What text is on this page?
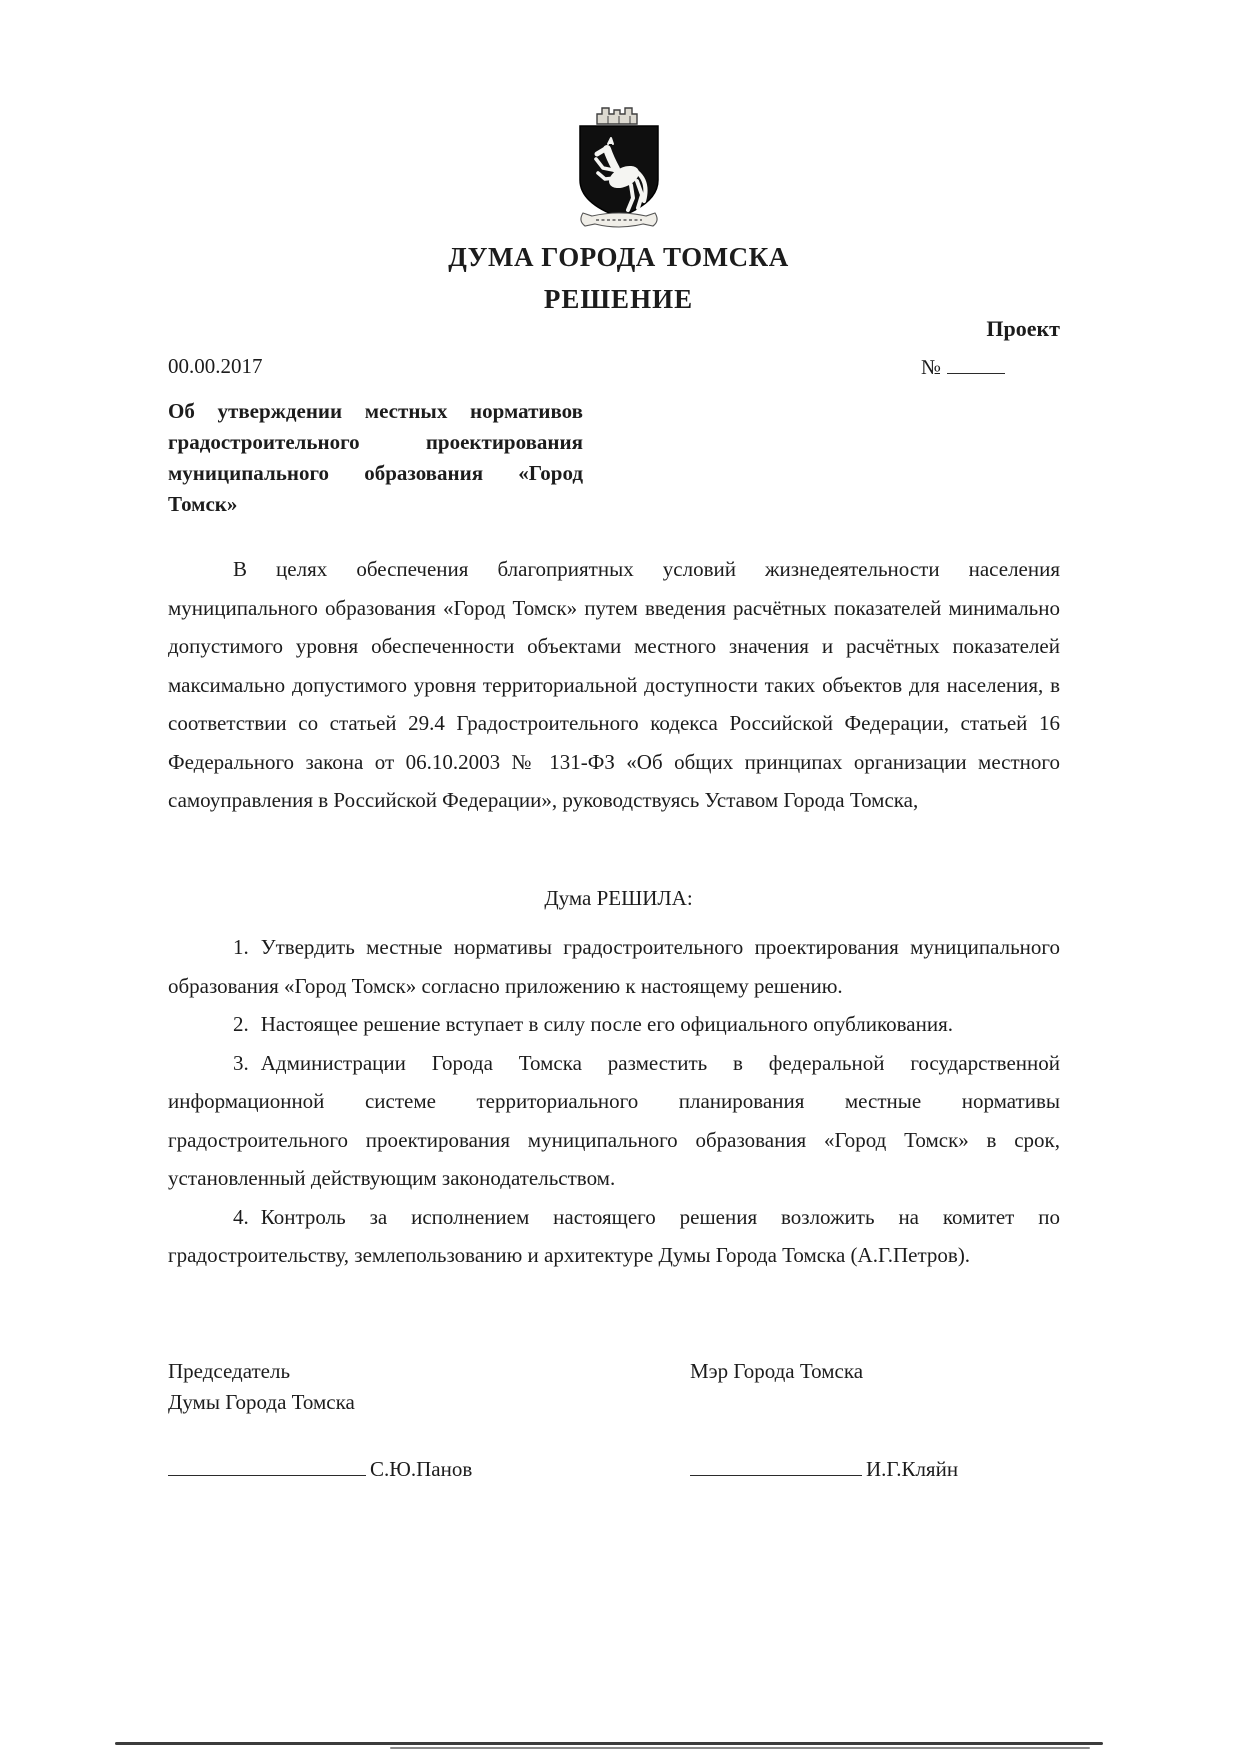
ДУМА ГОРОДА ТОМСКА
РЕШЕНИЕ
Проект
00.00.2017	№
Об утверждении местных нормативов градостроительного проектирования муниципального образования «Город Томск»
В целях обеспечения благоприятных условий жизнедеятельности населения муниципального образования «Город Томск» путем введения расчётных показателей минимально допустимого уровня обеспеченности объектами местного значения и расчётных показателей максимально допустимого уровня территориальной доступности таких объектов для населения, в соответствии со статьей 29.4 Градостроительного кодекса Российской Федерации, статьей 16 Федерального закона от 06.10.2003 № 131-ФЗ «Об общих принципах организации местного самоуправления в Российской Федерации», руководствуясь Уставом Города Томска,
Дума РЕШИЛА:

1. Утвердить местные нормативы градостроительного проектирования муниципального образования «Город Томск» согласно приложению к настоящему решению.

2. Настоящее решение вступает в силу после его официального опубликования.

3. Администрации Города Томска разместить в федеральной государственной информационной системе территориального планирования местные нормативы градостроительного проектирования муниципального образования «Город Томск» в срок, установленный действующим законодательством.

4. Контроль за исполнением настоящего решения возложить на комитет по градостроительству, землепользованию и архитектуре Думы Города Томска (А.Г.Петров).

Председатель
Думы Города Томска
Мэр Города Томска
С.Ю.Панов	И.Г.Кляйн
